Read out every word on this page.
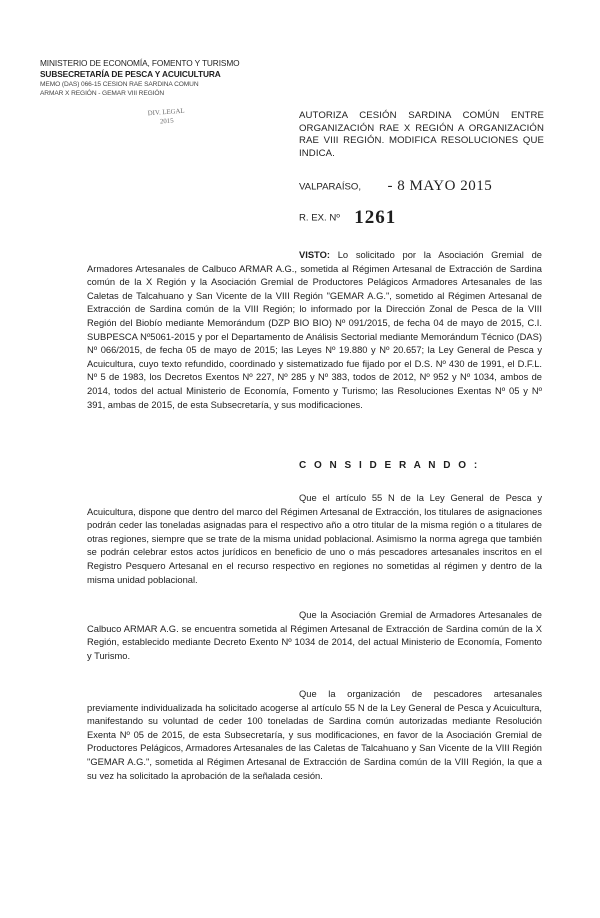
MINISTERIO DE ECONOMÍA, FOMENTO Y TURISMO
SUBSECRETARÍA DE PESCA Y ACUICULTURA
MEMO (DAS) 066-15 CESION RAE SARDINA COMUN
ARMAR X REGIÓN - GEMAR VIII REGIÓN
DIV. LEGAL
2015
AUTORIZA CESIÓN SARDINA COMÚN ENTRE ORGANIZACIÓN RAE X REGIÓN A ORGANIZACIÓN RAE VIII REGIÓN. MODIFICA RESOLUCIONES QUE INDICA.
VALPARAÍSO, - 8 MAYO 2015
R. EX. Nº 1261

VISTO: Lo solicitado por la Asociación Gremial de Armadores Artesanales de Calbuco ARMAR A.G., sometida al Régimen Artesanal de Extracción de Sardina común de la X Región y la Asociación Gremial de Productores Pelágicos Armadores Artesanales de las Caletas de Talcahuano y San Vicente de la VIII Región "GEMAR A.G.", sometido al Régimen Artesanal de Extracción de Sardina común de la VIII Región; lo informado por la Dirección Zonal de Pesca de la VIII Región del Biobío mediante Memorándum (DZP BIO BIO) Nº 091/2015, de fecha 04 de mayo de 2015, C.I. SUBPESCA Nº5061-2015 y por el Departamento de Análisis Sectorial mediante Memorándum Técnico (DAS) Nº 066/2015, de fecha 05 de mayo de 2015; las Leyes Nº 19.880 y Nº 20.657; la Ley General de Pesca y Acuicultura, cuyo texto refundido, coordinado y sistematizado fue fijado por el D.S. Nº 430 de 1991, el D.F.L. Nº 5 de 1983, los Decretos Exentos Nº 227, Nº 285 y Nº 383, todos de 2012, Nº 952 y Nº 1034, ambos de 2014, todos del actual Ministerio de Economía, Fomento y Turismo; las Resoluciones Exentas Nº 05 y Nº 391, ambas de 2015, de esta Subsecretaría, y sus modificaciones.

C O N S I D E R A N D O :

Que el artículo 55 N de la Ley General de Pesca y Acuicultura, dispone que dentro del marco del Régimen Artesanal de Extracción, los titulares de asignaciones podrán ceder las toneladas asignadas para el respectivo año a otro titular de la misma región o a titulares de otras regiones, siempre que se trate de la misma unidad poblacional. Asimismo la norma agrega que también se podrán celebrar estos actos jurídicos en beneficio de uno o más pescadores artesanales inscritos en el Registro Pesquero Artesanal en el recurso respectivo en regiones no sometidas al régimen y dentro de la misma unidad poblacional.

Que la Asociación Gremial de Armadores Artesanales de Calbuco ARMAR A.G. se encuentra sometida al Régimen Artesanal de Extracción de Sardina común de la X Región, establecido mediante Decreto Exento Nº 1034 de 2014, del actual Ministerio de Economía, Fomento y Turismo.

Que la organización de pescadores artesanales previamente individualizada ha solicitado acogerse al artículo 55 N de la Ley General de Pesca y Acuicultura, manifestando su voluntad de ceder 100 toneladas de Sardina común autorizadas mediante Resolución Exenta Nº 05 de 2015, de esta Subsecretaría, y sus modificaciones, en favor de la Asociación Gremial de Productores Pelágicos, Armadores Artesanales de las Caletas de Talcahuano y San Vicente de la VIII Región "GEMAR A.G.", sometida al Régimen Artesanal de Extracción de Sardina común de la VIII Región, la que a su vez ha solicitado la aprobación de la señalada cesión.
